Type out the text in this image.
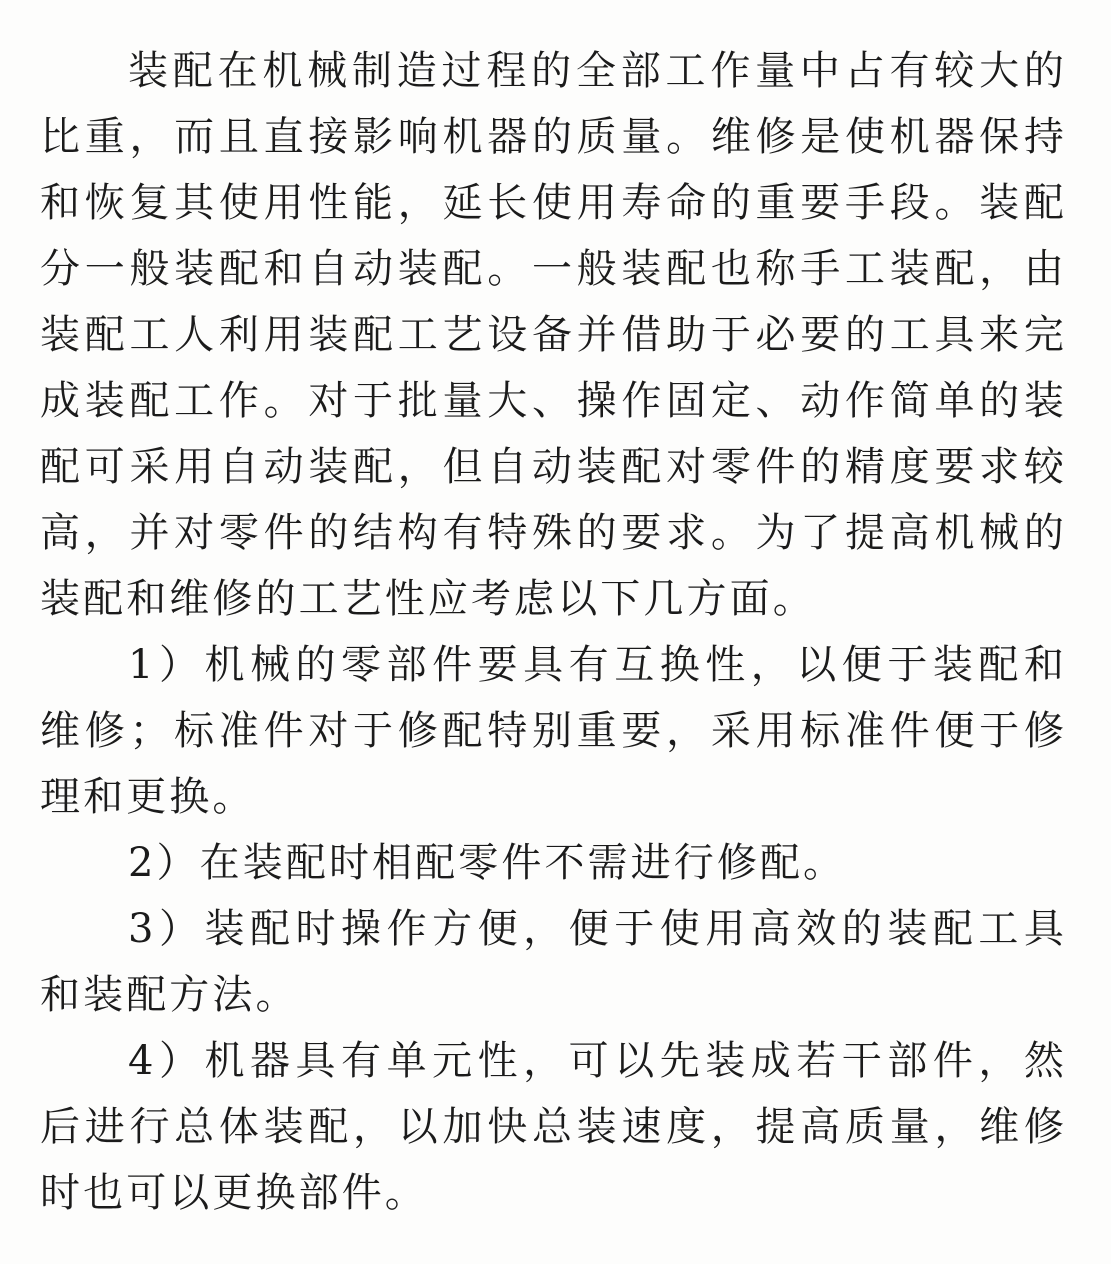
装配在机械制造过程的全部工作量中占有较大的
比重，而且直接影响机器的质量。维修是使机器保持
和恢复其使用性能，延长使用寿命的重要手段。装配
分一般装配和自动装配。一般装配也称手工装配，由
装配工人利用装配工艺设备并借助于必要的工具来完
成装配工作。对于批量大、操作固定、动作简单的装
配可采用自动装配，但自动装配对零件的精度要求较
高，并对零件的结构有特殊的要求。为了提高机械的
装配和维修的工艺性应考虑以下几方面。
1）机械的零部件要具有互换性，以便于装配和
维修；标准件对于修配特别重要，采用标准件便于修
理和更换。
2）在装配时相配零件不需进行修配。
3）装配时操作方便，便于使用高效的装配工具
和装配方法。
4）机器具有单元性，可以先装成若干部件，然
后进行总体装配，以加快总装速度，提高质量，维修
时也可以更换部件。
